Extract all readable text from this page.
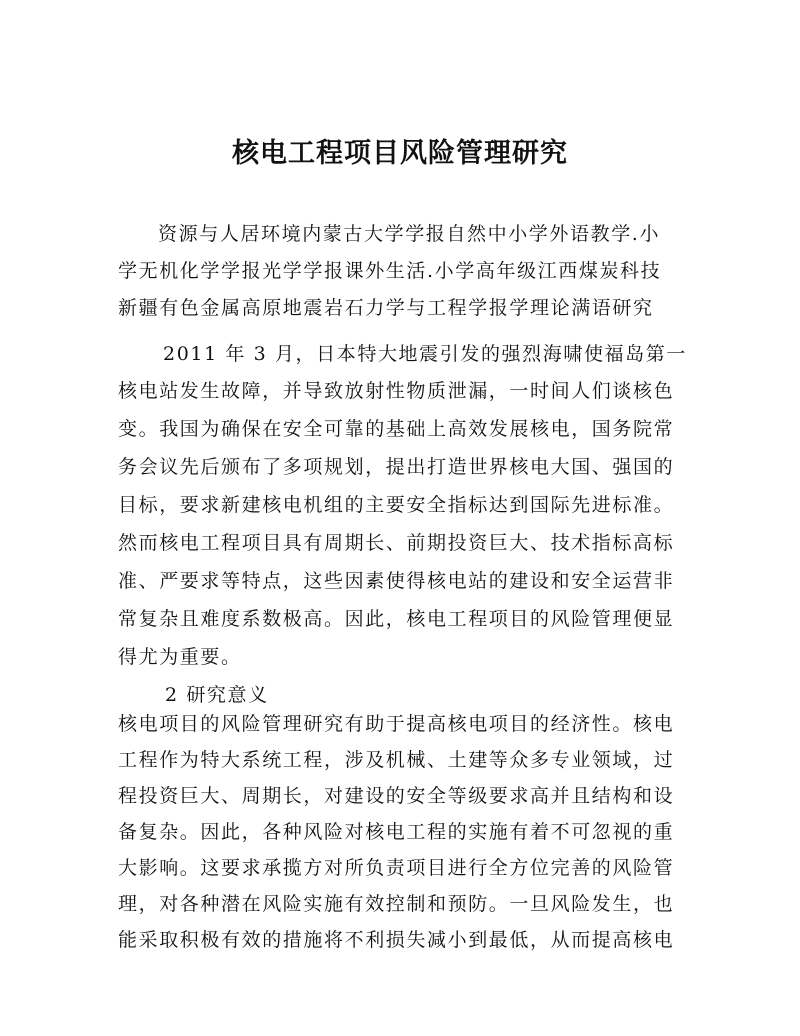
核电工程项目风险管理研究
资源与人居环境内蒙古大学学报自然中小学外语教学.小
学无机化学学报光学学报课外生活.小学高年级江西煤炭科技
新疆有色金属高原地震岩石力学与工程学报学理论满语研究
2011 年 3 月，日本特大地震引发的强烈海啸使福岛第一
核电站发生故障，并导致放射性物质泄漏，一时间人们谈核色
变。我国为确保在安全可靠的基础上高效发展核电，国务院常
务会议先后颁布了多项规划，提出打造世界核电大国、强国的
目标，要求新建核电机组的主要安全指标达到国际先进标准。
然而核电工程项目具有周期长、前期投资巨大、技术指标高标
准、严要求等特点，这些因素使得核电站的建设和安全运营非
常复杂且难度系数极高。因此，核电工程项目的风险管理便显
得尤为重要。
2 研究意义
核电项目的风险管理研究有助于提高核电项目的经济性。核电
工程作为特大系统工程，涉及机械、土建等众多专业领域，过
程投资巨大、周期长，对建设的安全等级要求高并且结构和设
备复杂。因此，各种风险对核电工程的实施有着不可忽视的重
大影响。这要求承揽方对所负责项目进行全方位完善的风险管
理，对各种潜在风险实施有效控制和预防。一旦风险发生，也
能采取积极有效的措施将不利损失减小到最低，从而提高核电
